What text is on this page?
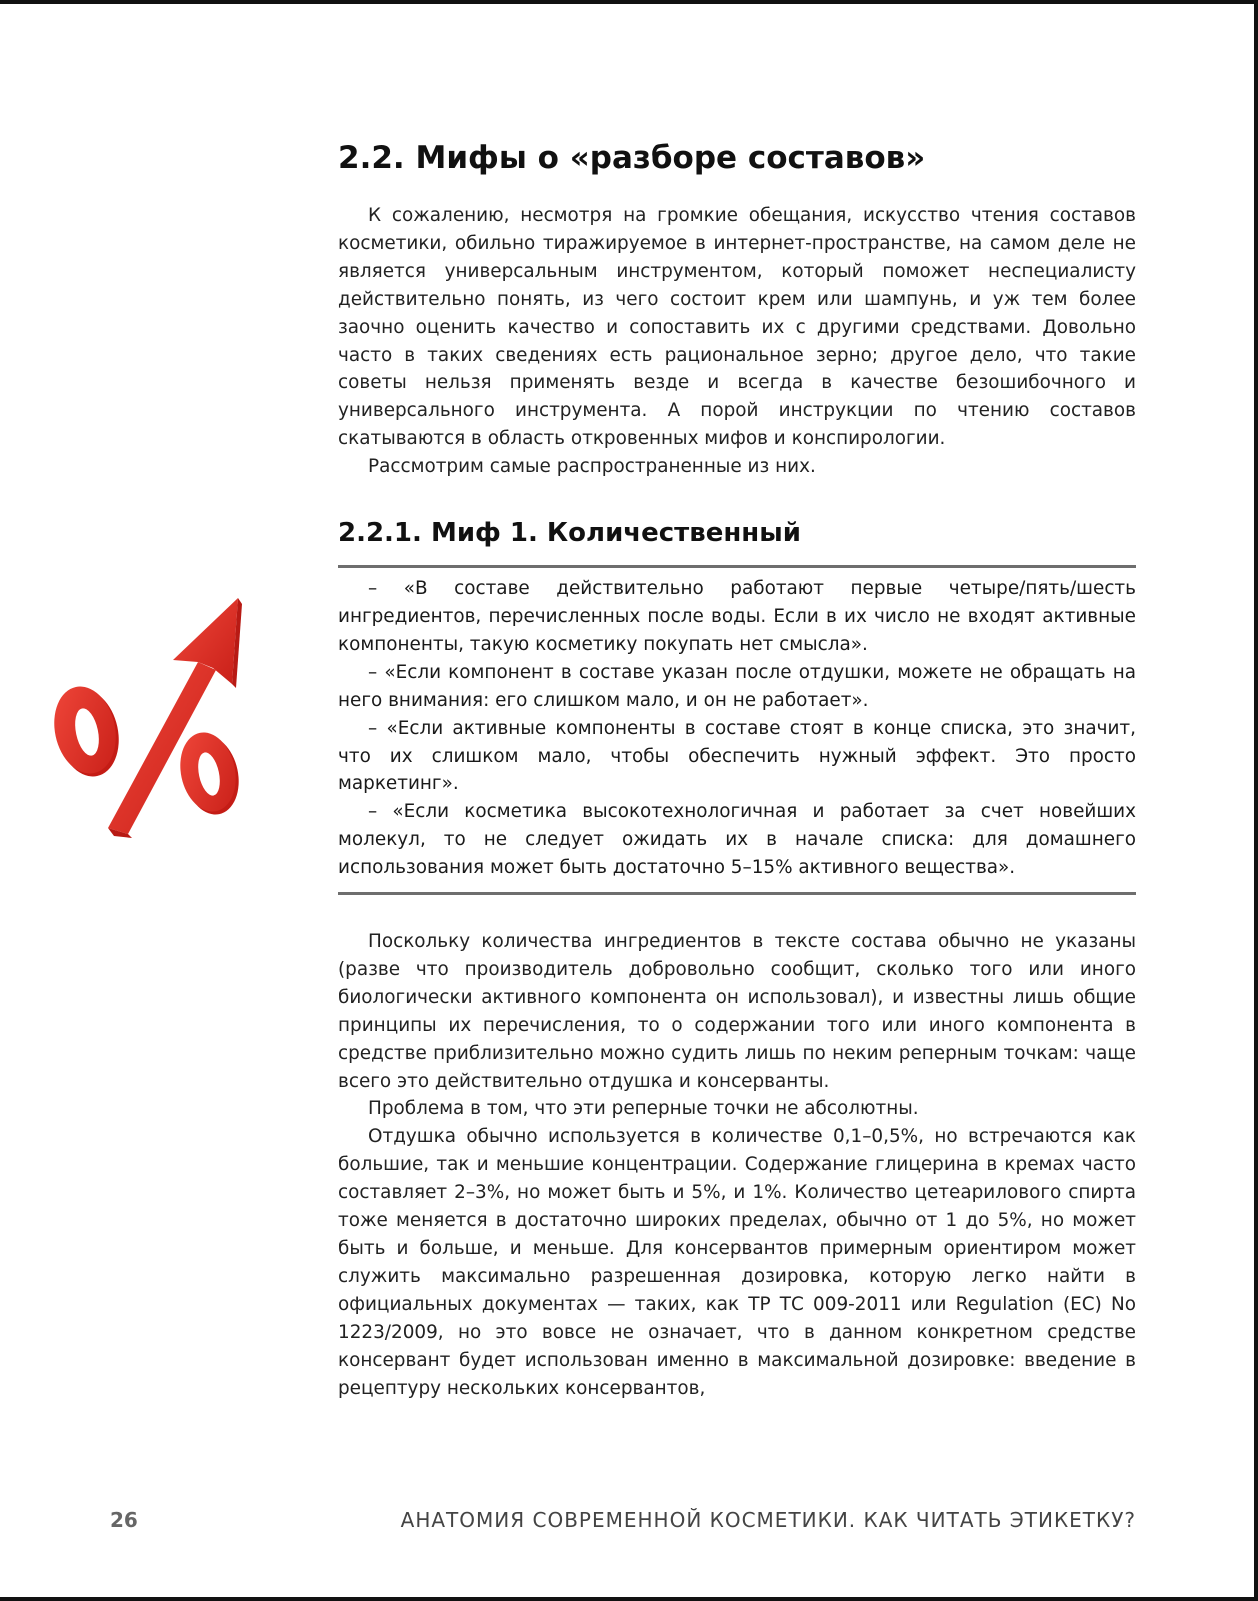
2.2. Мифы о «разборе составов»

К сожалению, несмотря на громкие обещания, искусство чтения составов косметики, обильно тиражируемое в интернет-пространстве, на самом деле не является универсальным инструментом, который поможет неспециалисту действительно понять, из чего состоит крем или шампунь, и уж тем более заочно оценить качество и сопоставить их с другими средствами. Довольно часто в таких сведениях есть рациональное зерно; другое дело, что такие советы нельзя применять везде и всегда в качестве безошибочного и универсального инструмента. А порой инструкции по чтению составов скатываются в область откровенных мифов и конспирологии.

Рассмотрим самые распространенные из них.

2.2.1. Миф 1. Количественный

– «В составе действительно работают первые четыре/пять/шесть ингредиентов, перечисленных после воды. Если в их число не входят активные компоненты, такую косметику покупать нет смысла».

– «Если компонент в составе указан после отдушки, можете не обращать на него внимания: его слишком мало, и он не работает».

– «Если активные компоненты в составе стоят в конце списка, это значит, что их слишком мало, чтобы обеспечить нужный эффект. Это просто маркетинг».

– «Если косметика высокотехнологичная и работает за счет новейших молекул, то не следует ожидать их в начале списка: для домашнего использования может быть достаточно 5–15% активного вещества».

Поскольку количества ингредиентов в тексте состава обычно не указаны (разве что производитель добровольно сообщит, сколько того или иного биологически активного компонента он использовал), и известны лишь общие принципы их перечисления, то о содержании того или иного компонента в средстве приблизительно можно судить лишь по неким реперным точкам: чаще всего это действительно отдушка и консерванты.

Проблема в том, что эти реперные точки не абсолютны.

Отдушка обычно используется в количестве 0,1–0,5%, но встречаются как большие, так и меньшие концентрации. Содержание глицерина в кремах часто составляет 2–3%, но может быть и 5%, и 1%. Количество цетеарилового спирта тоже меняется в достаточно широких пределах, обычно от 1 до 5%, но может быть и больше, и меньше. Для консервантов примерным ориентиром может служить максимально разрешенная дозировка, которую легко найти в официальных документах — таких, как ТР ТС 009-2011 или Regulation (EC) No 1223/2009, но это вовсе не означает, что в данном конкретном средстве консервант будет использован именно в максимальной дозировке: введение в рецептуру нескольких консервантов,

26	АНАТОМИЯ СОВРЕМЕННОЙ КОСМЕТИКИ. КАК ЧИТАТЬ ЭТИКЕТКУ?
